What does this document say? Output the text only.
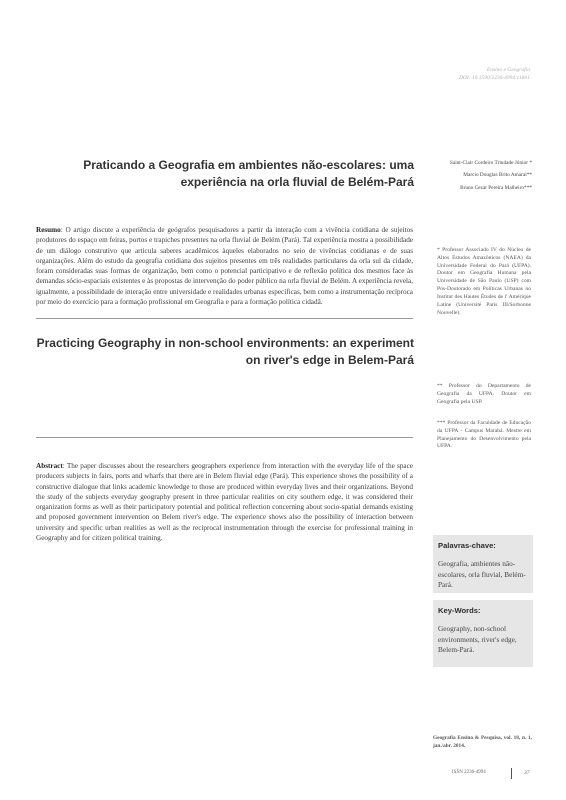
Ensino e Geografia
DOI: 10.1590/2236-4994.v18n1
Praticando a Geografia em ambientes não-escolares: uma experiência na orla fluvial de Belém-Pará
Saint-Clair Cordeiro Trindade Júnior *
Marcio Douglas Brito Amaral**
Bruno Cezar Pereira Malheiro***
Resumo: O artigo discute a experiência de geógrafos pesquisadores a partir da interação com a vivência cotidiana de sujeitos produtores do espaço em feiras, portos e trapiches presentes na orla fluvial de Belém (Pará). Tal experiência mostra a possibilidade de um diálogo construtivo que articula saberes acadêmicos àqueles elaborados no seio de vivências cotidianas e de suas organizações. Além do estudo da geografia cotidiana dos sujeitos presentes em três realidades particulares da orla sul da cidade, foram consideradas suas formas de organização, bem como o potencial participativo e de reflexão política dos mesmos face às demandas sócio-espaciais existentes e às propostas de intervenção do poder público na orla fluvial de Belém. A experiência revela, igualmente, a possibilidade de interação entre universidade e realidades urbanas específicas, bem como a instrumentação recíproca por meio do exercício para a formação profissional em Geografia e para a formação política cidadã.
Practicing Geography in non-school environments: an experiment on river's edge in Belem-Pará
Abstract: The paper discusses about the researchers geographers experience from interaction with the everyday life of the space producers subjects in fairs, ports and wharfs that there are in Belem fluvial edge (Pará). This experience shows the possibility of a constructive dialogue that links academic knowledge to those are produced within everyday lives and their organizations. Beyond the study of the subjects everyday geography present in three particular realities on city southern edge, it was considered their organization forms as well as their participatory potential and political reflection concerning about socio-spatial demands existing and proposed government intervention on Belem river's edge. The experience shows also the possibility of interaction between university and specific urban realities as well as the reciprocal instrumentation through the exercise for professional training in Geography and for citizen political training.
* Professor Associado IV do Núcleo de Altos Estudos Amazônicos (NAEA) da Universidade Federal do Pará (UFPA). Doutor em Geografia Humana pela Universidade de São Paulo (USP) com Pós-Doutorado em Políticas Urbanas no Institut des Hautes Études de l' Amérique Latine (Université Paris III/Sorbonne Nouvelle).
** Professor do Departamento de Geografia da UFPA. Doutor em Geografia pela USP.
*** Professor da Faculdade de Educação da UFPA - Campus Marabá. Mestre em Planejamento do Desenvolvimento pela UFPA.
Palavras-chave:
Geografia, ambientes não-escolares, orla fluvial, Belém-Pará.
Key-Words:
Geography, non-school environments, river's edge, Belem-Pará.
Geografia Ensino & Pesquisa, vol. 18, n. 1, jan./abr. 2014.
ISSN 2236-4994	37
